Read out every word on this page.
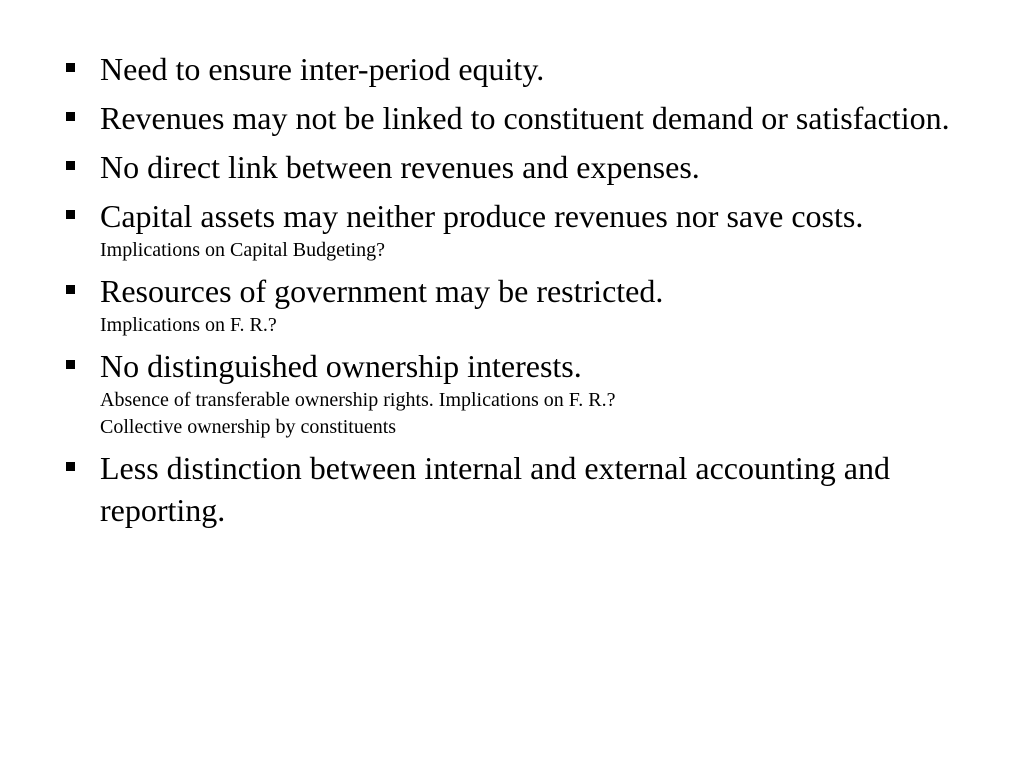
Need to ensure inter-period equity.
Revenues may not be linked to constituent demand or satisfaction.
No direct link between revenues and expenses.
Capital assets may neither produce revenues nor save costs.
Implications on Capital Budgeting?
Resources of government may be restricted.
Implications on F. R.?
No distinguished ownership interests.
Absence of transferable ownership rights. Implications on F. R.?
Collective ownership by constituents
Less distinction between internal and external accounting and reporting.
